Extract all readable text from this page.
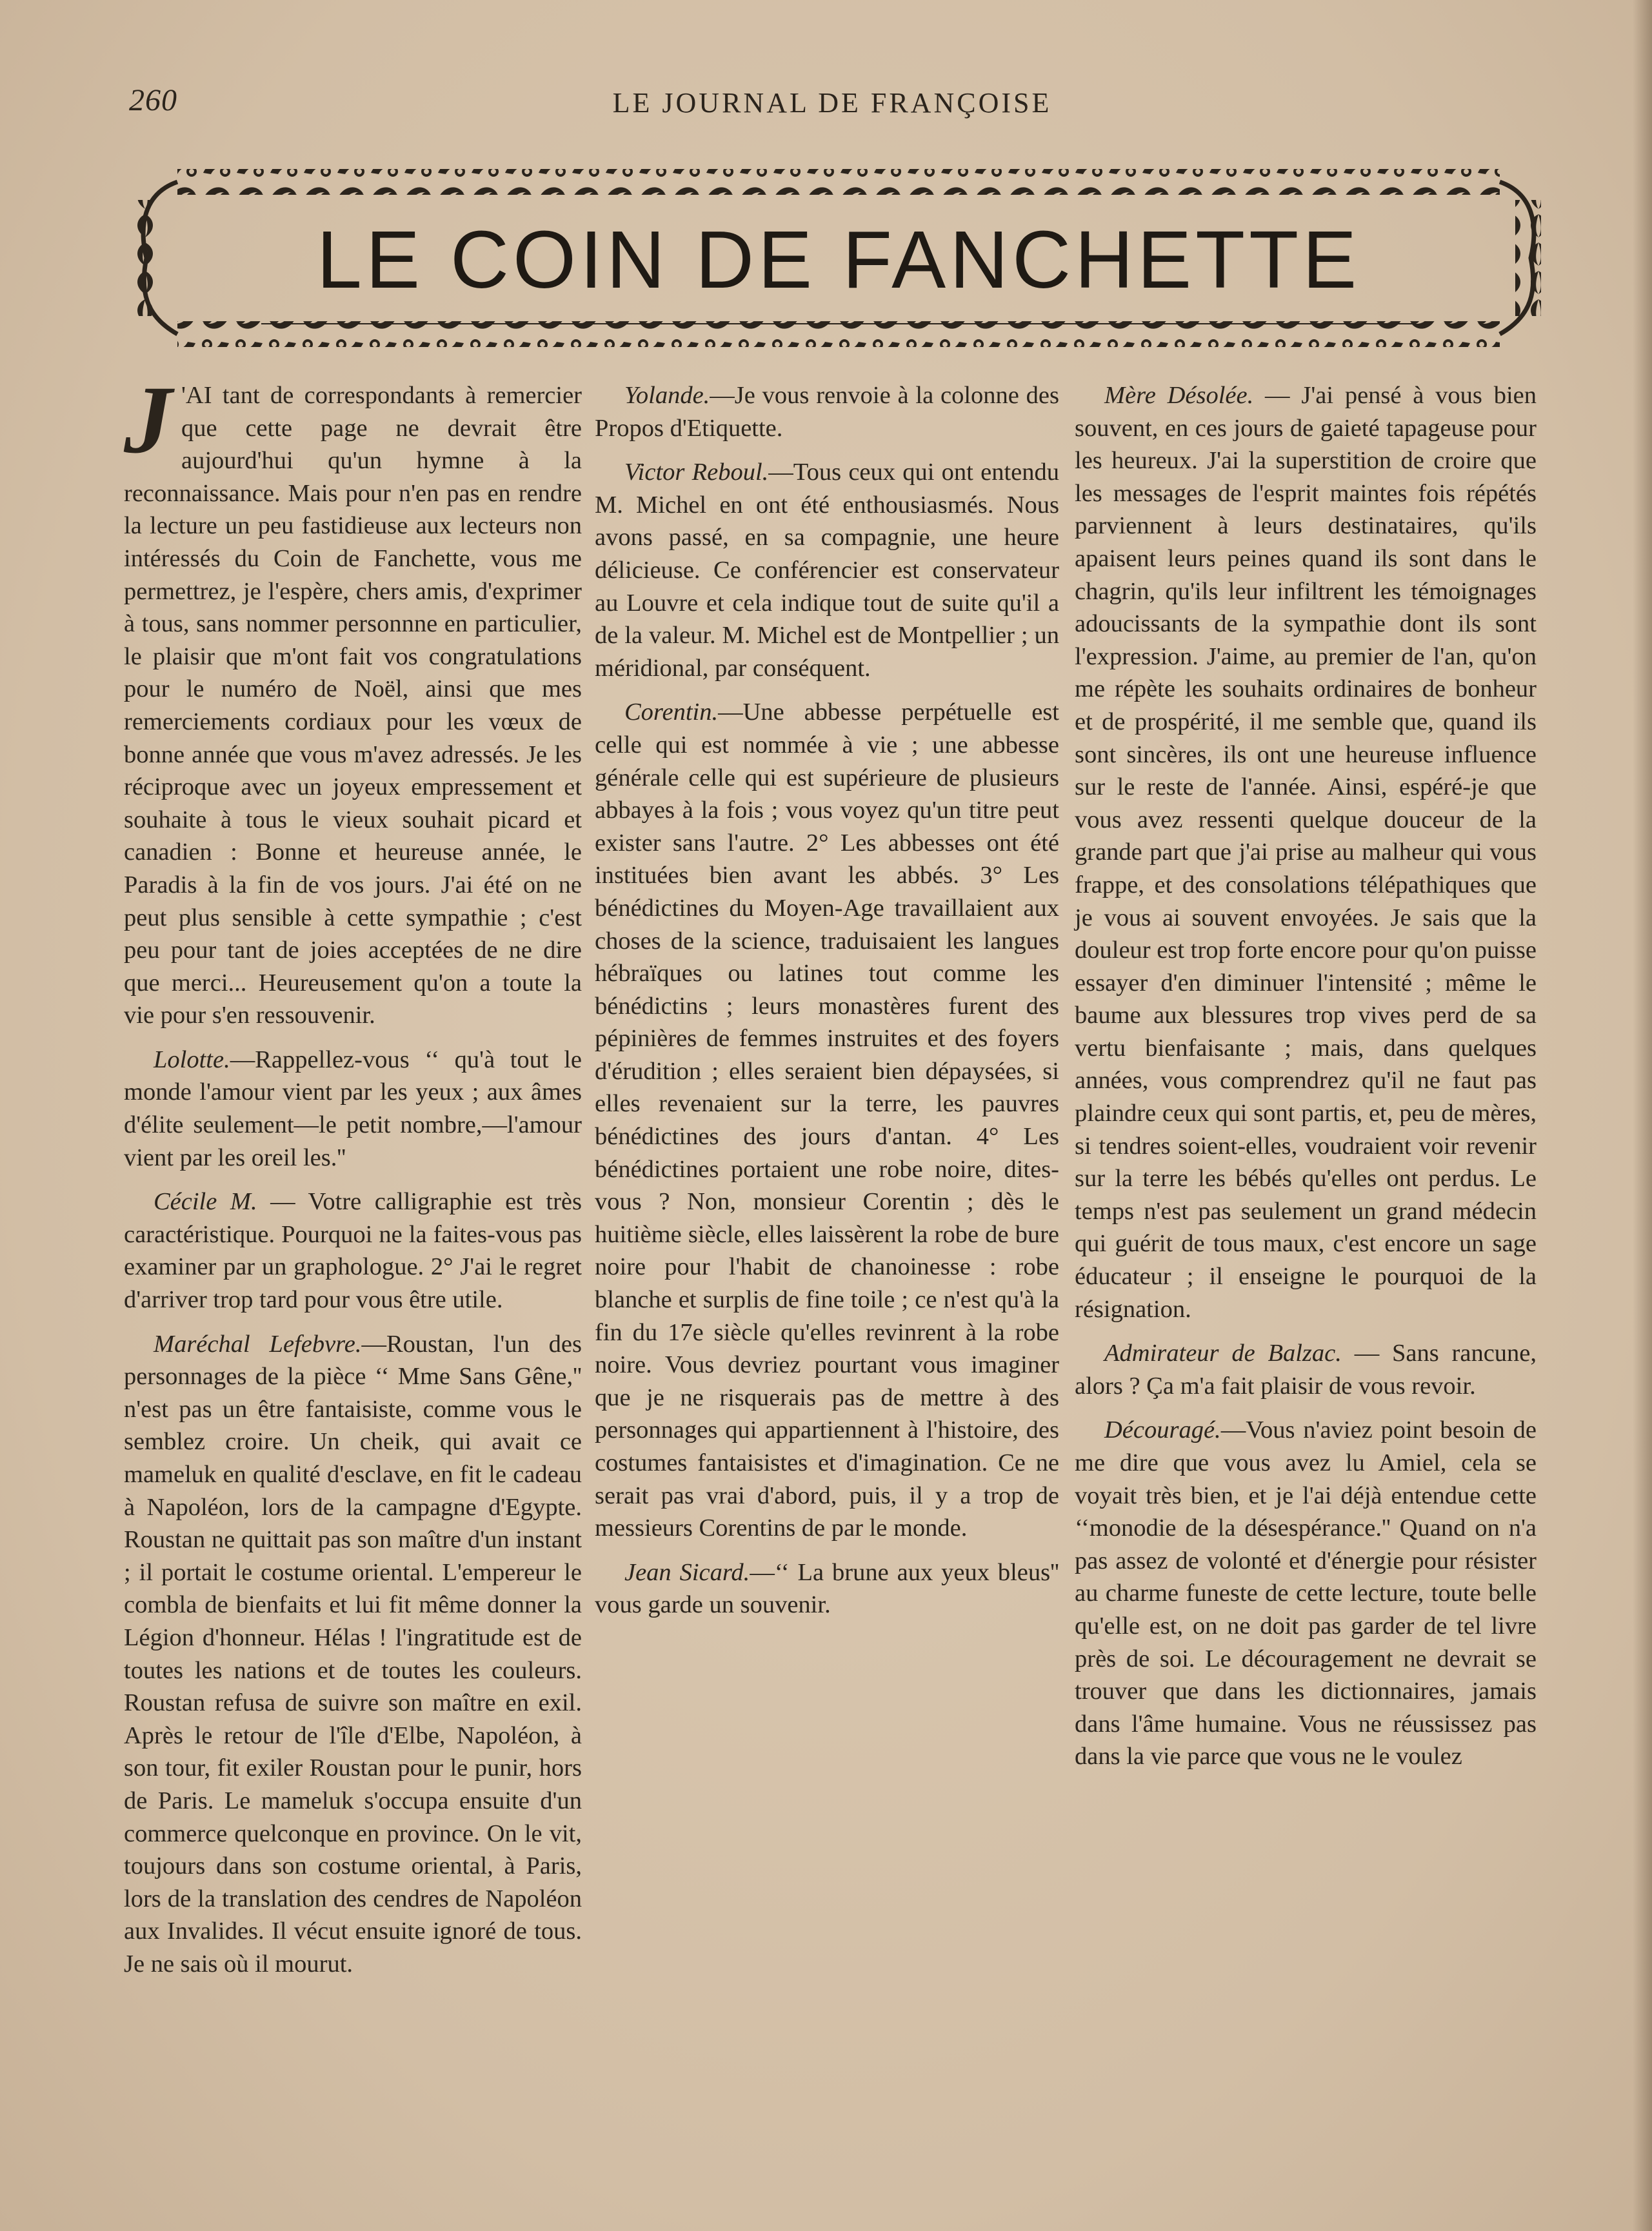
260	LE JOURNAL DE FRANÇOISE
LE COIN DE FANCHETTE

J 'AI tant de correspondants à remercier que cette page ne devrait être aujourd'hui qu'un hymne à la reconnaissance. Mais pour n'en pas en rendre la lecture un peu fastidieuse aux lecteurs non intéressés du Coin de Fanchette, vous me permettrez, je l'espère, chers amis, d'exprimer à tous, sans nommer personnne en particulier, le plaisir que m'ont fait vos congratulations pour le numéro de Noël, ainsi que mes remerciements cordiaux pour les vœux de bonne année que vous m'avez adressés. Je les réciproque avec un joyeux empressement et souhaite à tous le vieux souhait picard et canadien : Bonne et heureuse année, le Paradis à la fin de vos jours. J'ai été on ne peut plus sensible à cette sympathie ; c'est peu pour tant de joies acceptées de ne dire que merci... Heureusement qu'on a toute la vie pour s'en ressouvenir.

Lolotte.—Rappellez-vous ‘‘ qu'à tout le monde l'amour vient par les yeux ; aux âmes d'élite seulement—le petit nombre,—l'amour vient par les oreil les.''

Cécile M. — Votre calligraphie est très caractéristique. Pourquoi ne la faites-vous pas examiner par un graphologue. 2° J'ai le regret d'arriver trop tard pour vous être utile.

Maréchal Lefebvre.—Roustan, l'un des personnages de la pièce ‘‘ Mme Sans Gêne,'' n'est pas un être fantaisiste, comme vous le semblez croire. Un cheik, qui avait ce mameluk en qualité d'esclave, en fit le cadeau à Napoléon, lors de la campagne d'Egypte. Roustan ne quittait pas son maître d'un instant ; il portait le costume oriental. L'empereur le combla de bienfaits et lui fit même donner la Légion d'honneur. Hélas ! l'ingratitude est de toutes les nations et de toutes les couleurs. Roustan refusa de suivre son maître en exil. Après le retour de l'île d'Elbe, Napoléon, à son tour, fit exiler Roustan pour le punir, hors de Paris. Le mameluk s'occupa ensuite d'un commerce quelconque en province. On le vit, toujours dans son costume oriental, à Paris, lors de la translation des cendres de Napoléon aux Invalides. Il vécut ensuite ignoré de tous. Je ne sais où il mourut.

Yolande.—Je vous renvoie à la colonne des Propos d'Etiquette.

Victor Reboul.—Tous ceux qui ont entendu M. Michel en ont été enthousiasmés. Nous avons passé, en sa compagnie, une heure délicieuse. Ce conférencier est conservateur au Louvre et cela indique tout de suite qu'il a de la valeur. M. Michel est de Montpellier ; un méridional, par conséquent.

Corentin.—Une abbesse perpétuelle est celle qui est nommée à vie ; une abbesse générale celle qui est supérieure de plusieurs abbayes à la fois ; vous voyez qu'un titre peut exister sans l'autre. 2° Les abbesses ont été instituées bien avant les abbés. 3° Les bénédictines du Moyen-Age travaillaient aux choses de la science, traduisaient les langues hébraïques ou latines tout comme les bénédictins ; leurs monastères furent des pépinières de femmes instruites et des foyers d'érudition ; elles seraient bien dépaysées, si elles revenaient sur la terre, les pauvres bénédictines des jours d'antan. 4° Les bénédictines portaient une robe noire, dites-vous ? Non, monsieur Corentin ; dès le huitième siècle, elles laissèrent la robe de bure noire pour l'habit de chanoinesse : robe blanche et surplis de fine toile ; ce n'est qu'à la fin du 17e siècle qu'elles revinrent à la robe noire. Vous devriez pourtant vous imaginer que je ne risquerais pas de mettre à des personnages qui appartiennent à l'histoire, des costumes fantaisistes et d'imagination. Ce ne serait pas vrai d'abord, puis, il y a trop de messieurs Corentins de par le monde.

Jean Sicard.—‘‘ La brune aux yeux bleus'' vous garde un souvenir.

Mère Désolée. — J'ai pensé à vous bien souvent, en ces jours de gaieté tapageuse pour les heureux. J'ai la superstition de croire que les messages de l'esprit maintes fois répétés parviennent à leurs destinataires, qu'ils apaisent leurs peines quand ils sont dans le chagrin, qu'ils leur infiltrent les témoignages adoucissants de la sympathie dont ils sont l'expression. J'aime, au premier de l'an, qu'on me répète les souhaits ordinaires de bonheur et de prospérité, il me semble que, quand ils sont sincères, ils ont une heureuse influence sur le reste de l'année. Ainsi, espéré-je que vous avez ressenti quelque douceur de la grande part que j'ai prise au malheur qui vous frappe, et des consolations télépathiques que je vous ai souvent envoyées. Je sais que la douleur est trop forte encore pour qu'on puisse essayer d'en diminuer l'intensité ; même le baume aux blessures trop vives perd de sa vertu bienfaisante ; mais, dans quelques années, vous comprendrez qu'il ne faut pas plaindre ceux qui sont partis, et, peu de mères, si tendres soient-elles, voudraient voir revenir sur la terre les bébés qu'elles ont perdus. Le temps n'est pas seulement un grand médecin qui guérit de tous maux, c'est encore un sage éducateur ; il enseigne le pourquoi de la résignation.

Admirateur de Balzac. — Sans rancune, alors ? Ça m'a fait plaisir de vous revoir.

Découragé.—Vous n'aviez point besoin de me dire que vous avez lu Amiel, cela se voyait très bien, et je l'ai déjà entendue cette ‘‘monodie de la désespérance.'' Quand on n'a pas assez de volonté et d'énergie pour résister au charme funeste de cette lecture, toute belle qu'elle est, on ne doit pas garder de tel livre près de soi. Le découragement ne devrait se trouver que dans les dictionnaires, jamais dans l'âme humaine. Vous ne réussissez pas dans la vie parce que vous ne le voulez
